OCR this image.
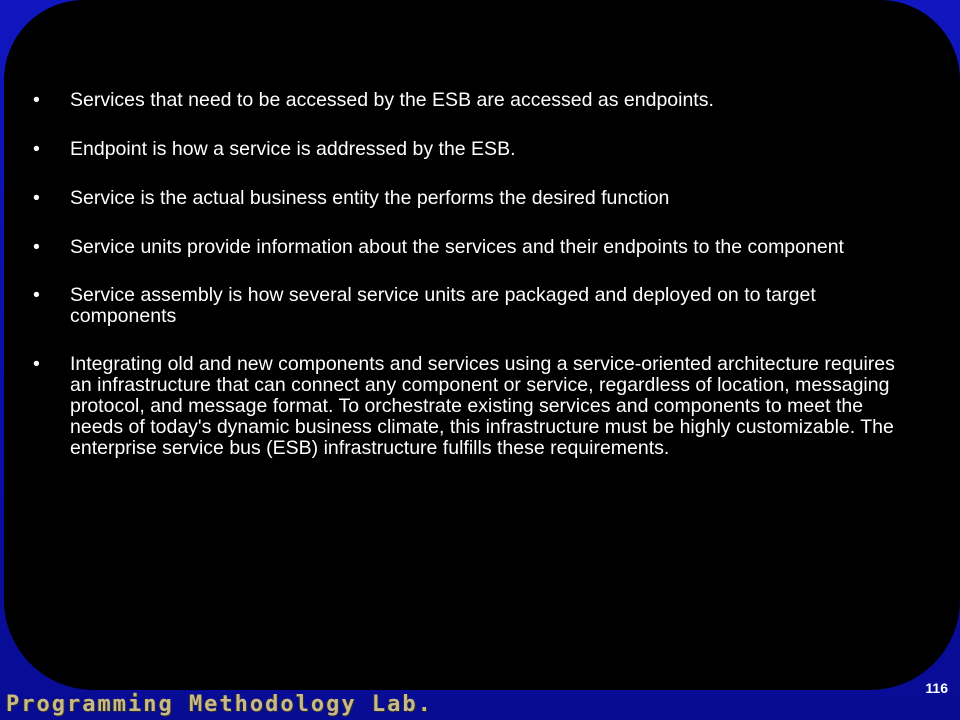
• Services that need to be accessed by the ESB are accessed as endpoints.
• Endpoint is how a service is addressed by the ESB.
• Service is the actual business entity the performs the desired function
• Service units provide information about the services and their endpoints to the component
• Service assembly is how several service units are packaged and deployed on to target components
• Integrating old and new components and services using a service-oriented architecture requires an infrastructure that can connect any component or service, regardless of location, messaging protocol, and message format. To orchestrate existing services and components to meet the needs of today's dynamic business climate, this infrastructure must be highly customizable. The enterprise service bus (ESB) infrastructure fulfills these requirements.
116
Programming Methodology Lab.
